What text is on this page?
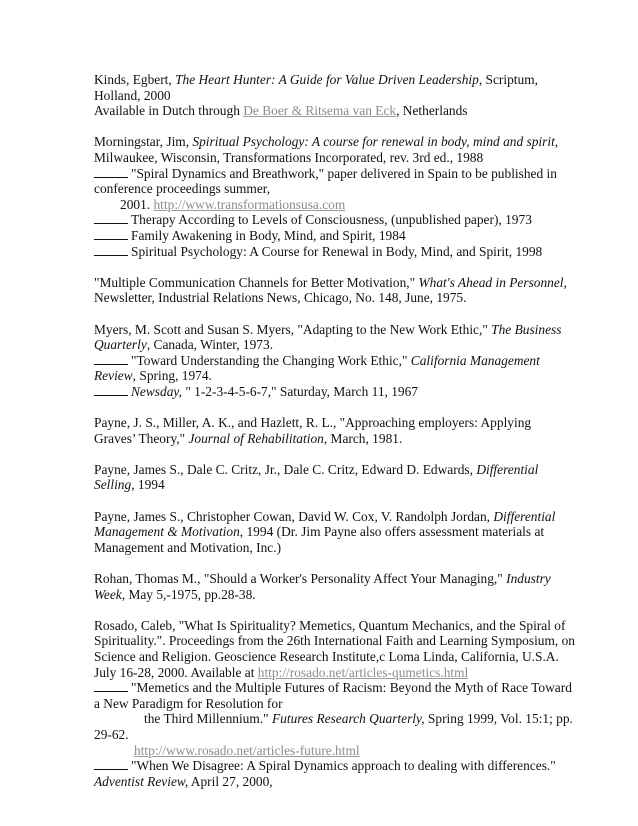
Kinds, Egbert, The Heart Hunter: A Guide for Value Driven Leadership, Scriptum,
Holland, 2000
Available in Dutch through De Boer & Ritsema van Eck, Netherlands
Morningstar, Jim, Spiritual Psychology: A course for renewal in body, mind and spirit,
Milwaukee, Wisconsin, Transformations Incorporated, rev. 3rd ed., 1988
"Spiral Dynamics and Breathwork," paper delivered in Spain to be published in
conference proceedings summer,
2001. http://www.transformationsusa.com
Therapy According to Levels of Consciousness, (unpublished paper), 1973
Family Awakening in Body, Mind, and Spirit, 1984
Spiritual Psychology: A Course for Renewal in Body, Mind, and Spirit, 1998
"Multiple Communication Channels for Better Motivation," What's Ahead in Personnel,
Newsletter, Industrial Relations News, Chicago, No. 148, June, 1975.
Myers, M. Scott and Susan S. Myers, "Adapting to the New Work Ethic," The Business
Quarterly, Canada, Winter, 1973.
"Toward Understanding the Changing Work Ethic," California Management
Review, Spring, 1974.
Newsday, " 1-2-3-4-5-6-7," Saturday, March 11, 1967
Payne, J. S., Miller, A. K., and Hazlett, R. L., "Approaching employers: Applying
Graves’ Theory," Journal of Rehabilitation, March, 1981.
Payne, James S., Dale C. Critz, Jr., Dale C. Critz, Edward D. Edwards, Differential
Selling, 1994
Payne, James S., Christopher Cowan, David W. Cox, V. Randolph Jordan, Differential
Management & Motivation, 1994 (Dr. Jim Payne also offers assessment materials at
Management and Motivation, Inc.)
Rohan, Thomas M., "Should a Worker's Personality Affect Your Managing," Industry
Week, May 5,-1975, pp.28-38.
Rosado, Caleb, "What Is Spirituality? Memetics, Quantum Mechanics, and the Spiral of
Spirituality.". Proceedings from the 26th International Faith and Learning Symposium, on
Science and Religion. Geoscience Research Institute,c Loma Linda, California, U.S.A.
July 16-28, 2000. Available at http://rosado.net/articles-qumetics.html
"Memetics and the Multiple Futures of Racism: Beyond the Myth of Race Toward
a New Paradigm for Resolution for
the Third Millennium." Futures Research Quarterly, Spring 1999, Vol. 15:1; pp.
29-62.
http://www.rosado.net/articles-future.html
"When We Disagree: A Spiral Dynamics approach to dealing with differences."
Adventist Review, April 27, 2000,
